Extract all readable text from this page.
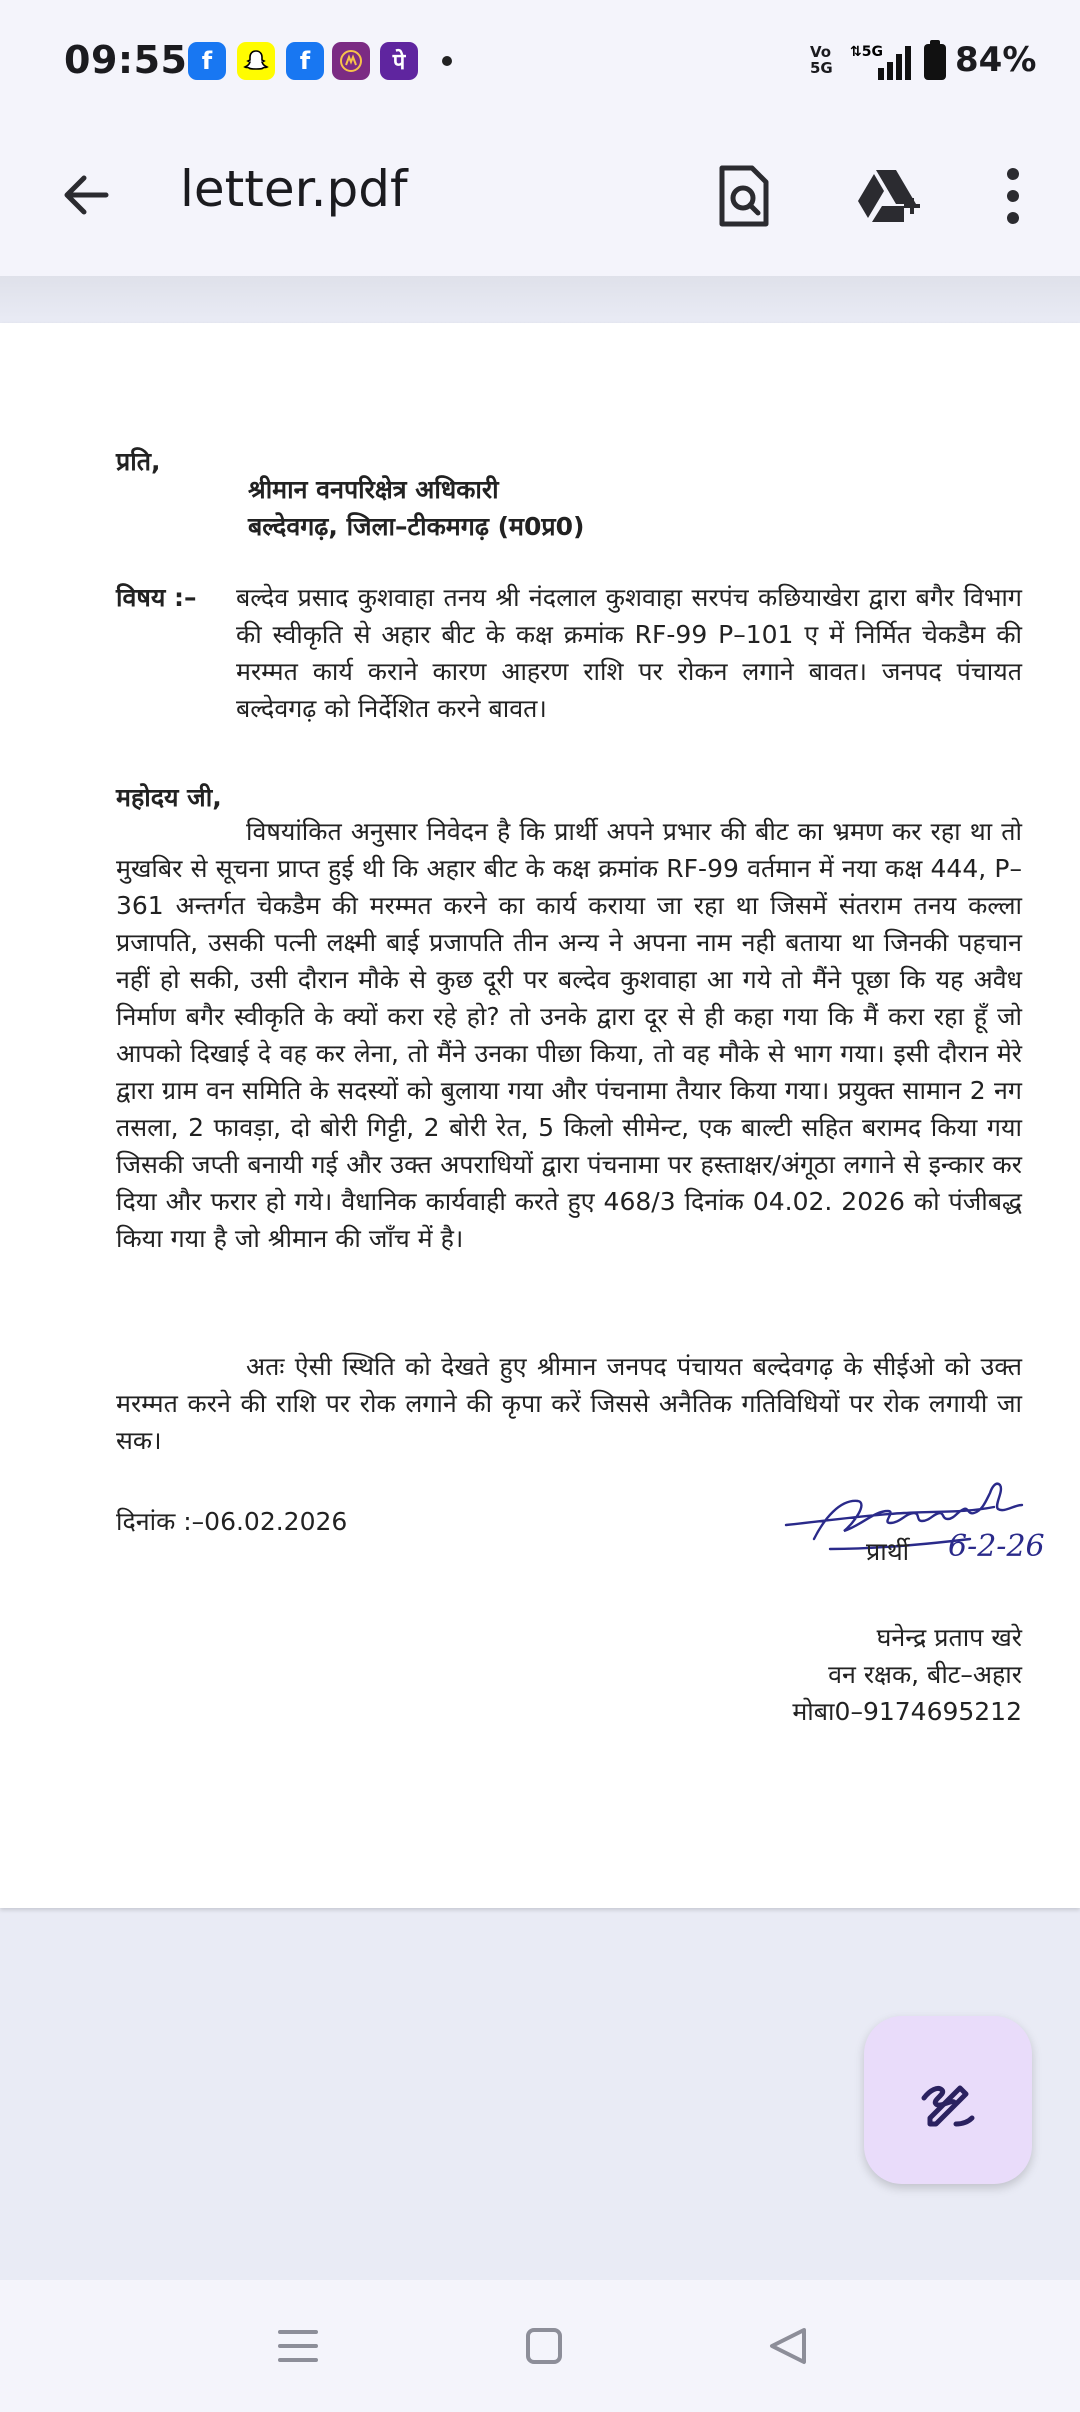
09:55 f	f	पे	Vo
5G
⇅5G 84%
letter.pdf
प्रति,
श्रीमान वनपरिक्षेत्र अधिकारी
बल्देवगढ़, जिला–टीकमगढ़ (म0प्र0)
विषय :– बल्देव प्रसाद कुशवाहा तनय श्री नंदलाल कुशवाहा सरपंच कछियाखेरा द्वारा बगैर विभाग की स्वीकृति से अहार बीट के कक्ष क्रमांक RF-99 P–101 ए में निर्मित चेकडैम की मरम्मत कार्य कराने कारण आहरण राशि पर रोकन लगाने बावत। जनपद पंचायत बल्देवगढ़ को निर्देशित करने बावत।
महोदय जी,
विषयांकित अनुसार निवेदन है कि प्रार्थी अपने प्रभार की बीट का भ्रमण कर रहा था तो मुखबिर से सूचना प्राप्त हुई थी कि अहार बीट के कक्ष क्रमांक RF-99 वर्तमान में नया कक्ष 444, P–361 अन्तर्गत चेकडैम की मरम्मत करने का कार्य कराया जा रहा था जिसमें संतराम तनय कल्ला प्रजापति, उसकी पत्नी लक्ष्मी बाई प्रजापति तीन अन्य ने अपना नाम नही बताया था जिनकी पहचान नहीं हो सकी, उसी दौरान मौके से कुछ दूरी पर बल्देव कुशवाहा आ गये तो मैंने पूछा कि यह अवैध निर्माण बगैर स्वीकृति के क्यों करा रहे हो? तो उनके द्वारा दूर से ही कहा गया कि मैं करा रहा हूँ जो आपको दिखाई दे वह कर लेना, तो मैंने उनका पीछा किया, तो वह मौके से भाग गया। इसी दौरान मेरे द्वारा ग्राम वन समिति के सदस्यों को बुलाया गया और पंचनामा तैयार किया गया। प्रयुक्त सामान 2 नग तसला, 2 फावड़ा, दो बोरी गिट्टी, 2 बोरी रेत, 5 किलो सीमेन्ट, एक बाल्टी सहित बरामद किया गया जिसकी जप्ती बनायी गई और उक्त अपराधियों द्वारा पंचनामा पर हस्ताक्षर/अंगूठा लगाने से इन्कार कर दिया और फरार हो गये। वैधानिक कार्यवाही करते हुए 468/3 दिनांक 04.02. 2026 को पंजीबद्ध किया गया है जो श्रीमान की जाँच में है।
अतः ऐसी स्थिति को देखते हुए श्रीमान जनपद पंचायत बल्देवगढ़ के सीईओ को उक्त मरम्मत करने की राशि पर रोक लगाने की कृपा करें जिससे अनैतिक गतिविधियों पर रोक लगायी जा सक।
दिनांक :–06.02.2026
प्रार्थी 6-2-26
घनेन्द्र प्रताप खरे
वन रक्षक, बीट–अहार
मोबा0–9174695212
